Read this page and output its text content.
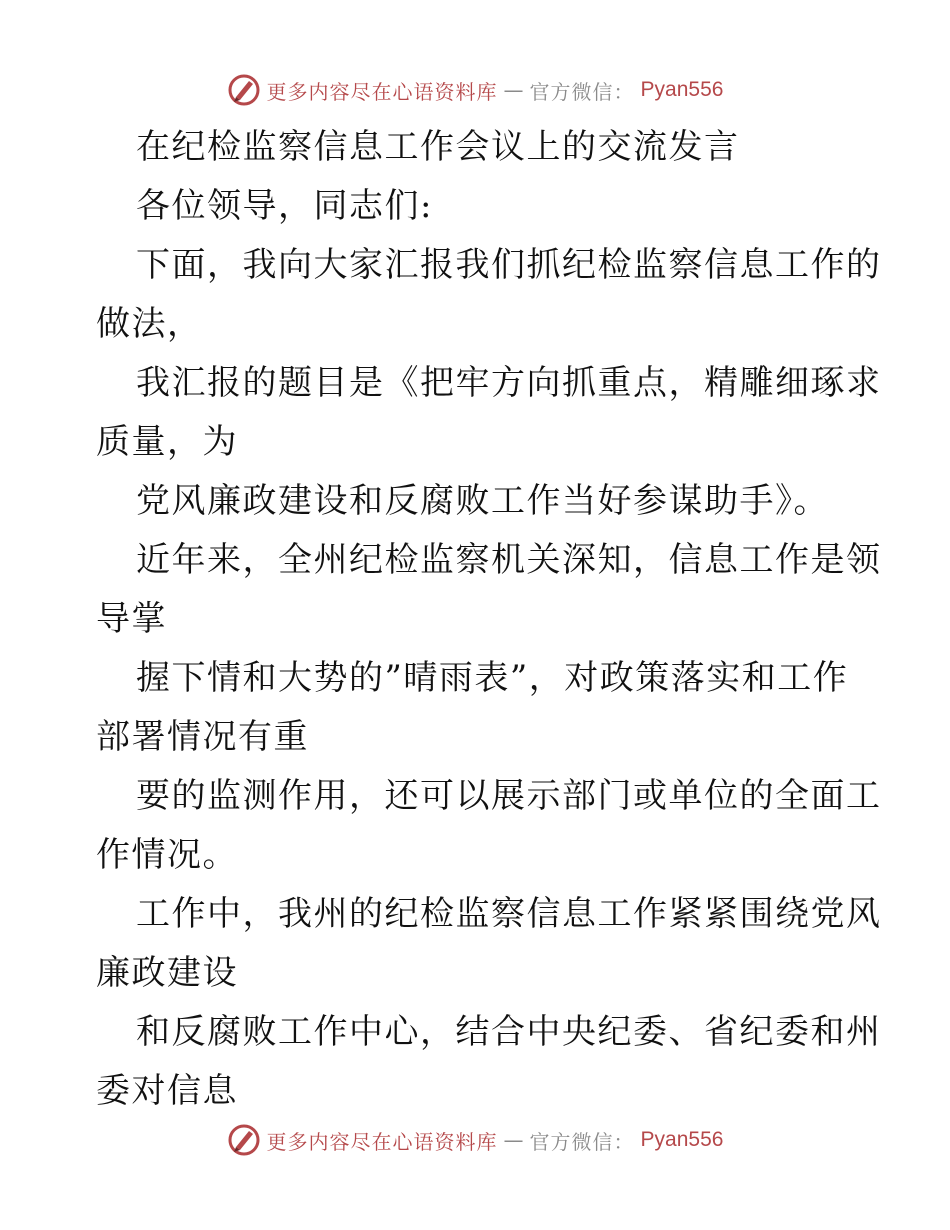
更多内容尽在心语资料库 — 官方微信： Pyan556
在纪检监察信息工作会议上的交流发言
各位领导，同志们:
下面，我向大家汇报我们抓纪检监察信息工作的
做法，
我汇报的题目是《把牢方向抓重点，精雕细琢求
质量，为
党风廉政建设和反腐败工作当好参谋助手》。
近年来，全州纪检监察机关深知，信息工作是领
导掌
握下情和大势的”晴雨表”，对政策落实和工作
部署情况有重
要的监测作用，还可以展示部门或单位的全面工
作情况。
工作中，我州的纪检监察信息工作紧紧围绕党风
廉政建设
和反腐败工作中心，结合中央纪委、省纪委和州
委对信息
更多内容尽在心语资料库 — 官方微信： Pyan556
